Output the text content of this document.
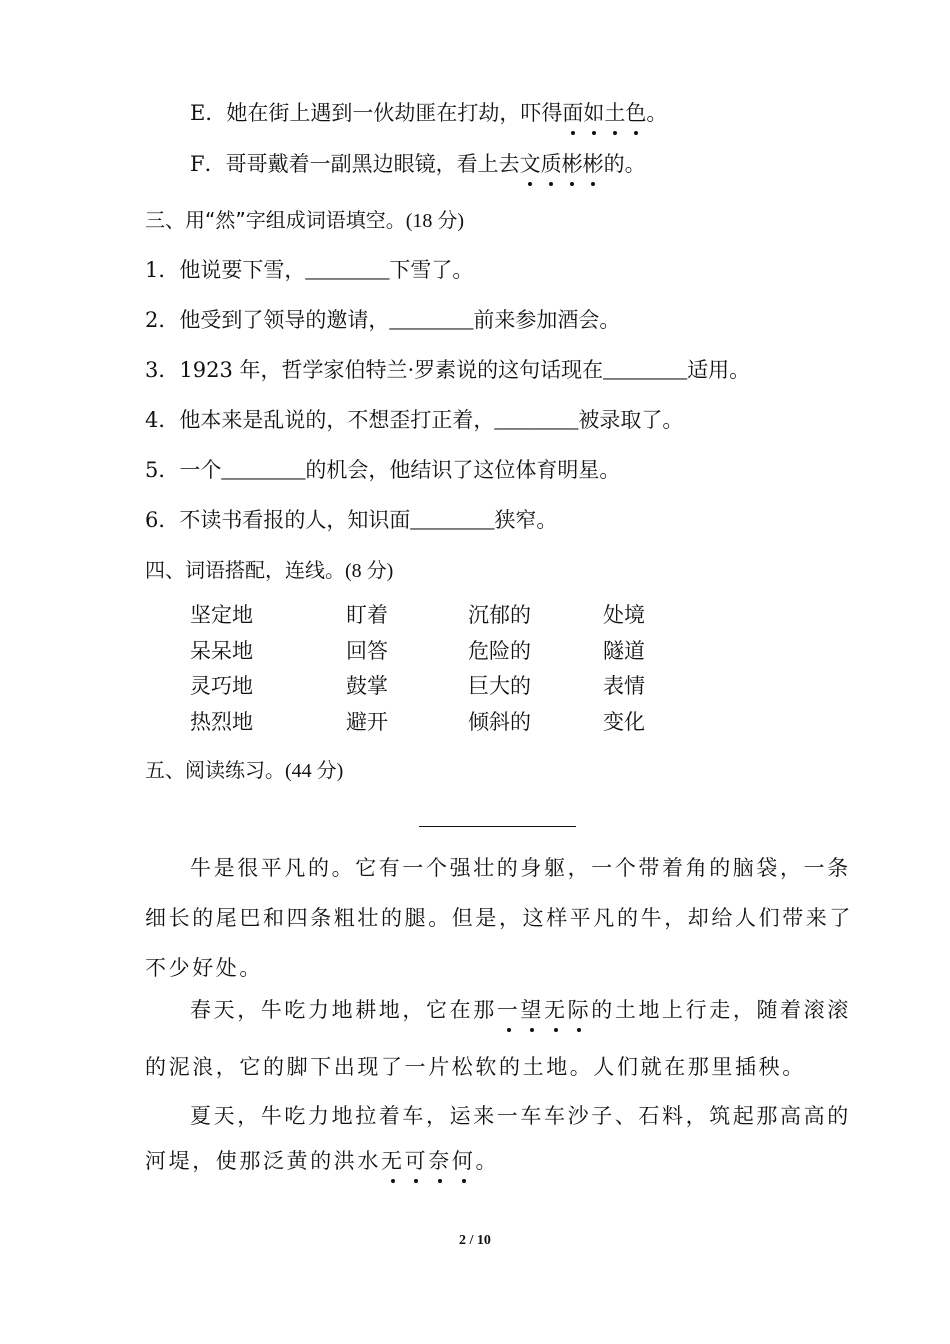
E．她在街上遇到一伙劫匪在打劫，吓得面如土色。
F．哥哥戴着一副黑边眼镜，看上去文质彬彬的。
三、用“然”字组成词语填空。(18 分)
1．他说要下雪，________下雪了。
2．他受到了领导的邀请，________前来参加酒会。
3．1923 年，哲学家伯特兰·罗素说的这句话现在________适用。
4．他本来是乱说的，不想歪打正着，________被录取了。
5．一个________的机会，他结识了这位体育明星。
6．不读书看报的人，知识面________狭窄。
四、词语搭配，连线。(8 分)
坚定地	盯着	沉郁的	处境
呆呆地	回答	危险的	隧道
灵巧地	鼓掌	巨大的	表情
热烈地	避开	倾斜的	变化
五、阅读练习。(44 分)
牛是很平凡的。它有一个强壮的身躯，一个带着角的脑袋，一条
细长的尾巴和四条粗壮的腿。但是，这样平凡的牛，却给人们带来了
不少好处。
春天，牛吃力地耕地，它在那一望无际的土地上行走，随着滚滚
的泥浪，它的脚下出现了一片松软的土地。人们就在那里插秧。
夏天，牛吃力地拉着车，运来一车车沙子、石料，筑起那高高的
河堤，使那泛黄的洪水无可奈何。
2 / 10
